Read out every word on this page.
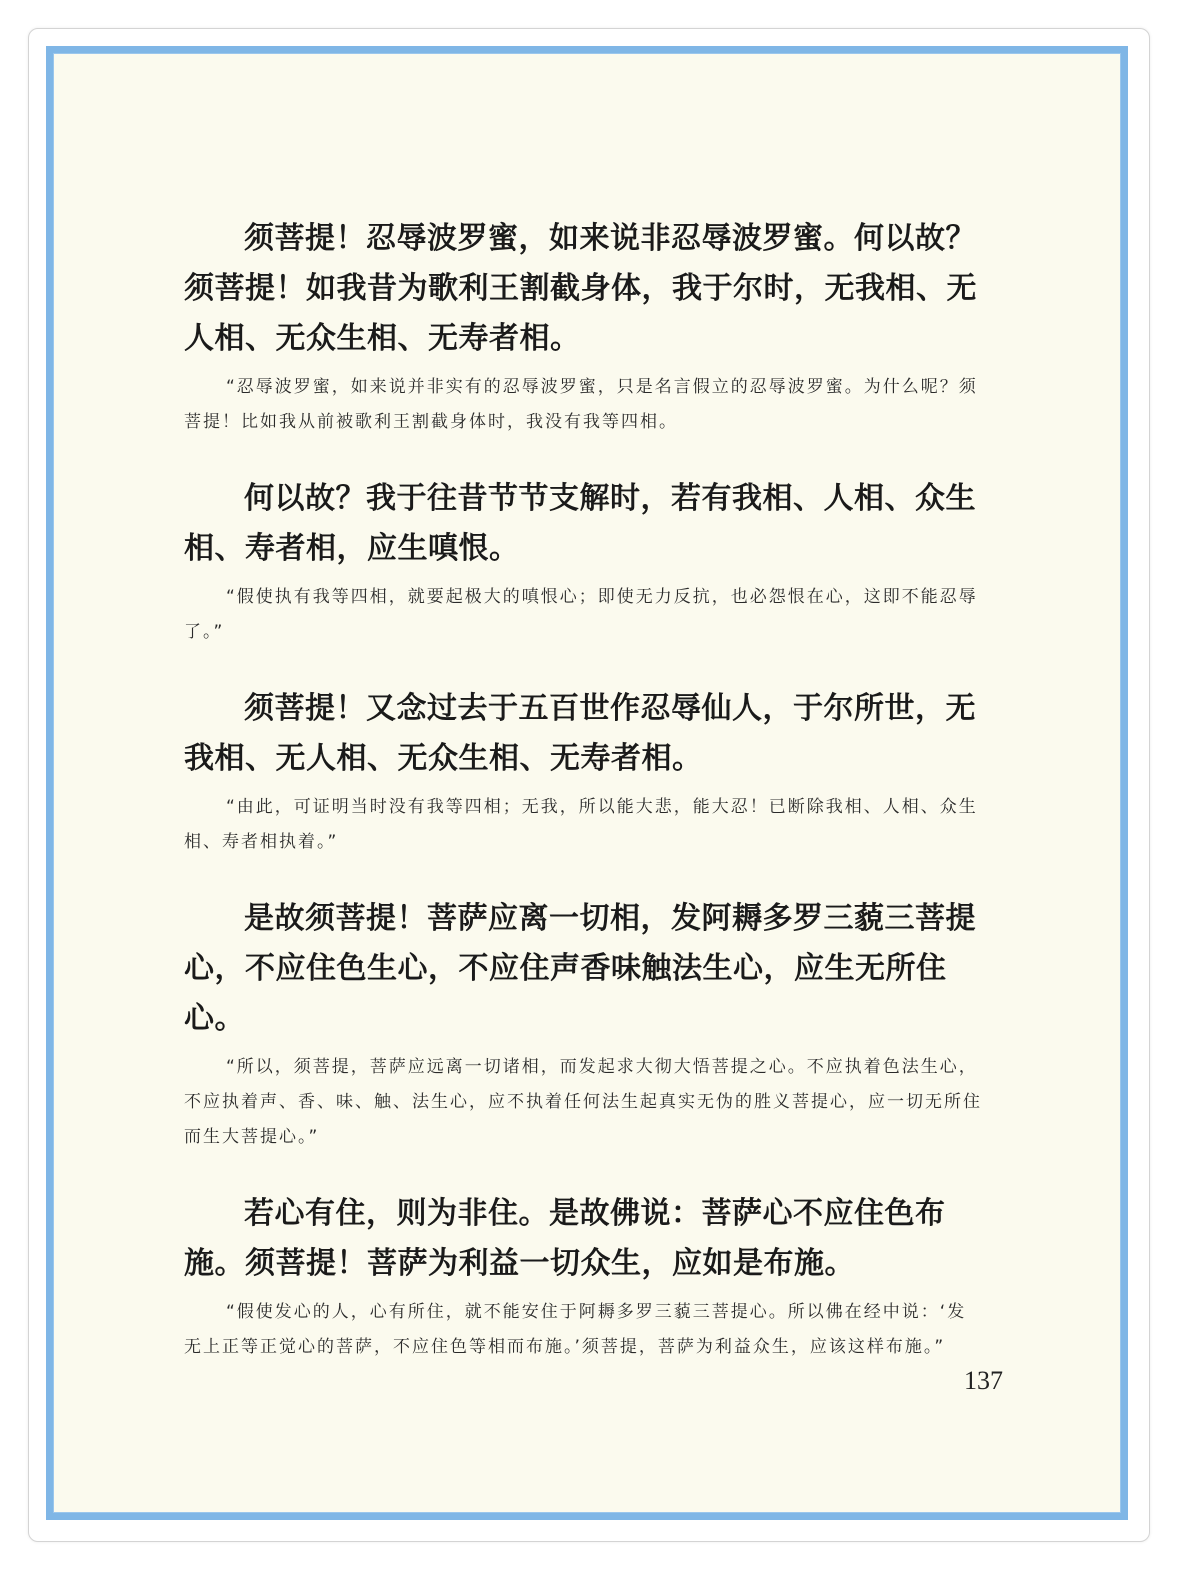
须菩提！忍辱波罗蜜，如来说非忍辱波罗蜜。何以故？须菩提！如我昔为歌利王割截身体，我于尔时，无我相、无人相、无众生相、无寿者相。

“忍辱波罗蜜，如来说并非实有的忍辱波罗蜜，只是名言假立的忍辱波罗蜜。为什么呢？须菩提！比如我从前被歌利王割截身体时，我没有我等四相。

何以故？我于往昔节节支解时，若有我相、人相、众生相、寿者相，应生嗔恨。

“假使执有我等四相，就要起极大的嗔恨心；即使无力反抗，也必怨恨在心，这即不能忍辱了。”

须菩提！又念过去于五百世作忍辱仙人，于尔所世，无我相、无人相、无众生相、无寿者相。

“由此，可证明当时没有我等四相；无我，所以能大悲，能大忍！已断除我相、人相、众生相、寿者相执着。”

是故须菩提！菩萨应离一切相，发阿耨多罗三藐三菩提心，不应住色生心，不应住声香味触法生心，应生无所住心。

“所以，须菩提，菩萨应远离一切诸相，而发起求大彻大悟菩提之心。不应执着色法生心，不应执着声、香、味、触、法生心，应不执着任何法生起真实无伪的胜义菩提心，应一切无所住而生大菩提心。”

若心有住，则为非住。是故佛说：菩萨心不应住色布施。须菩提！菩萨为利益一切众生，应如是布施。

“假使发心的人，心有所住，就不能安住于阿耨多罗三藐三菩提心。所以佛在经中说：‘发无上正等正觉心的菩萨，不应住色等相而布施。’须菩提，菩萨为利益众生，应该这样布施。”

137
